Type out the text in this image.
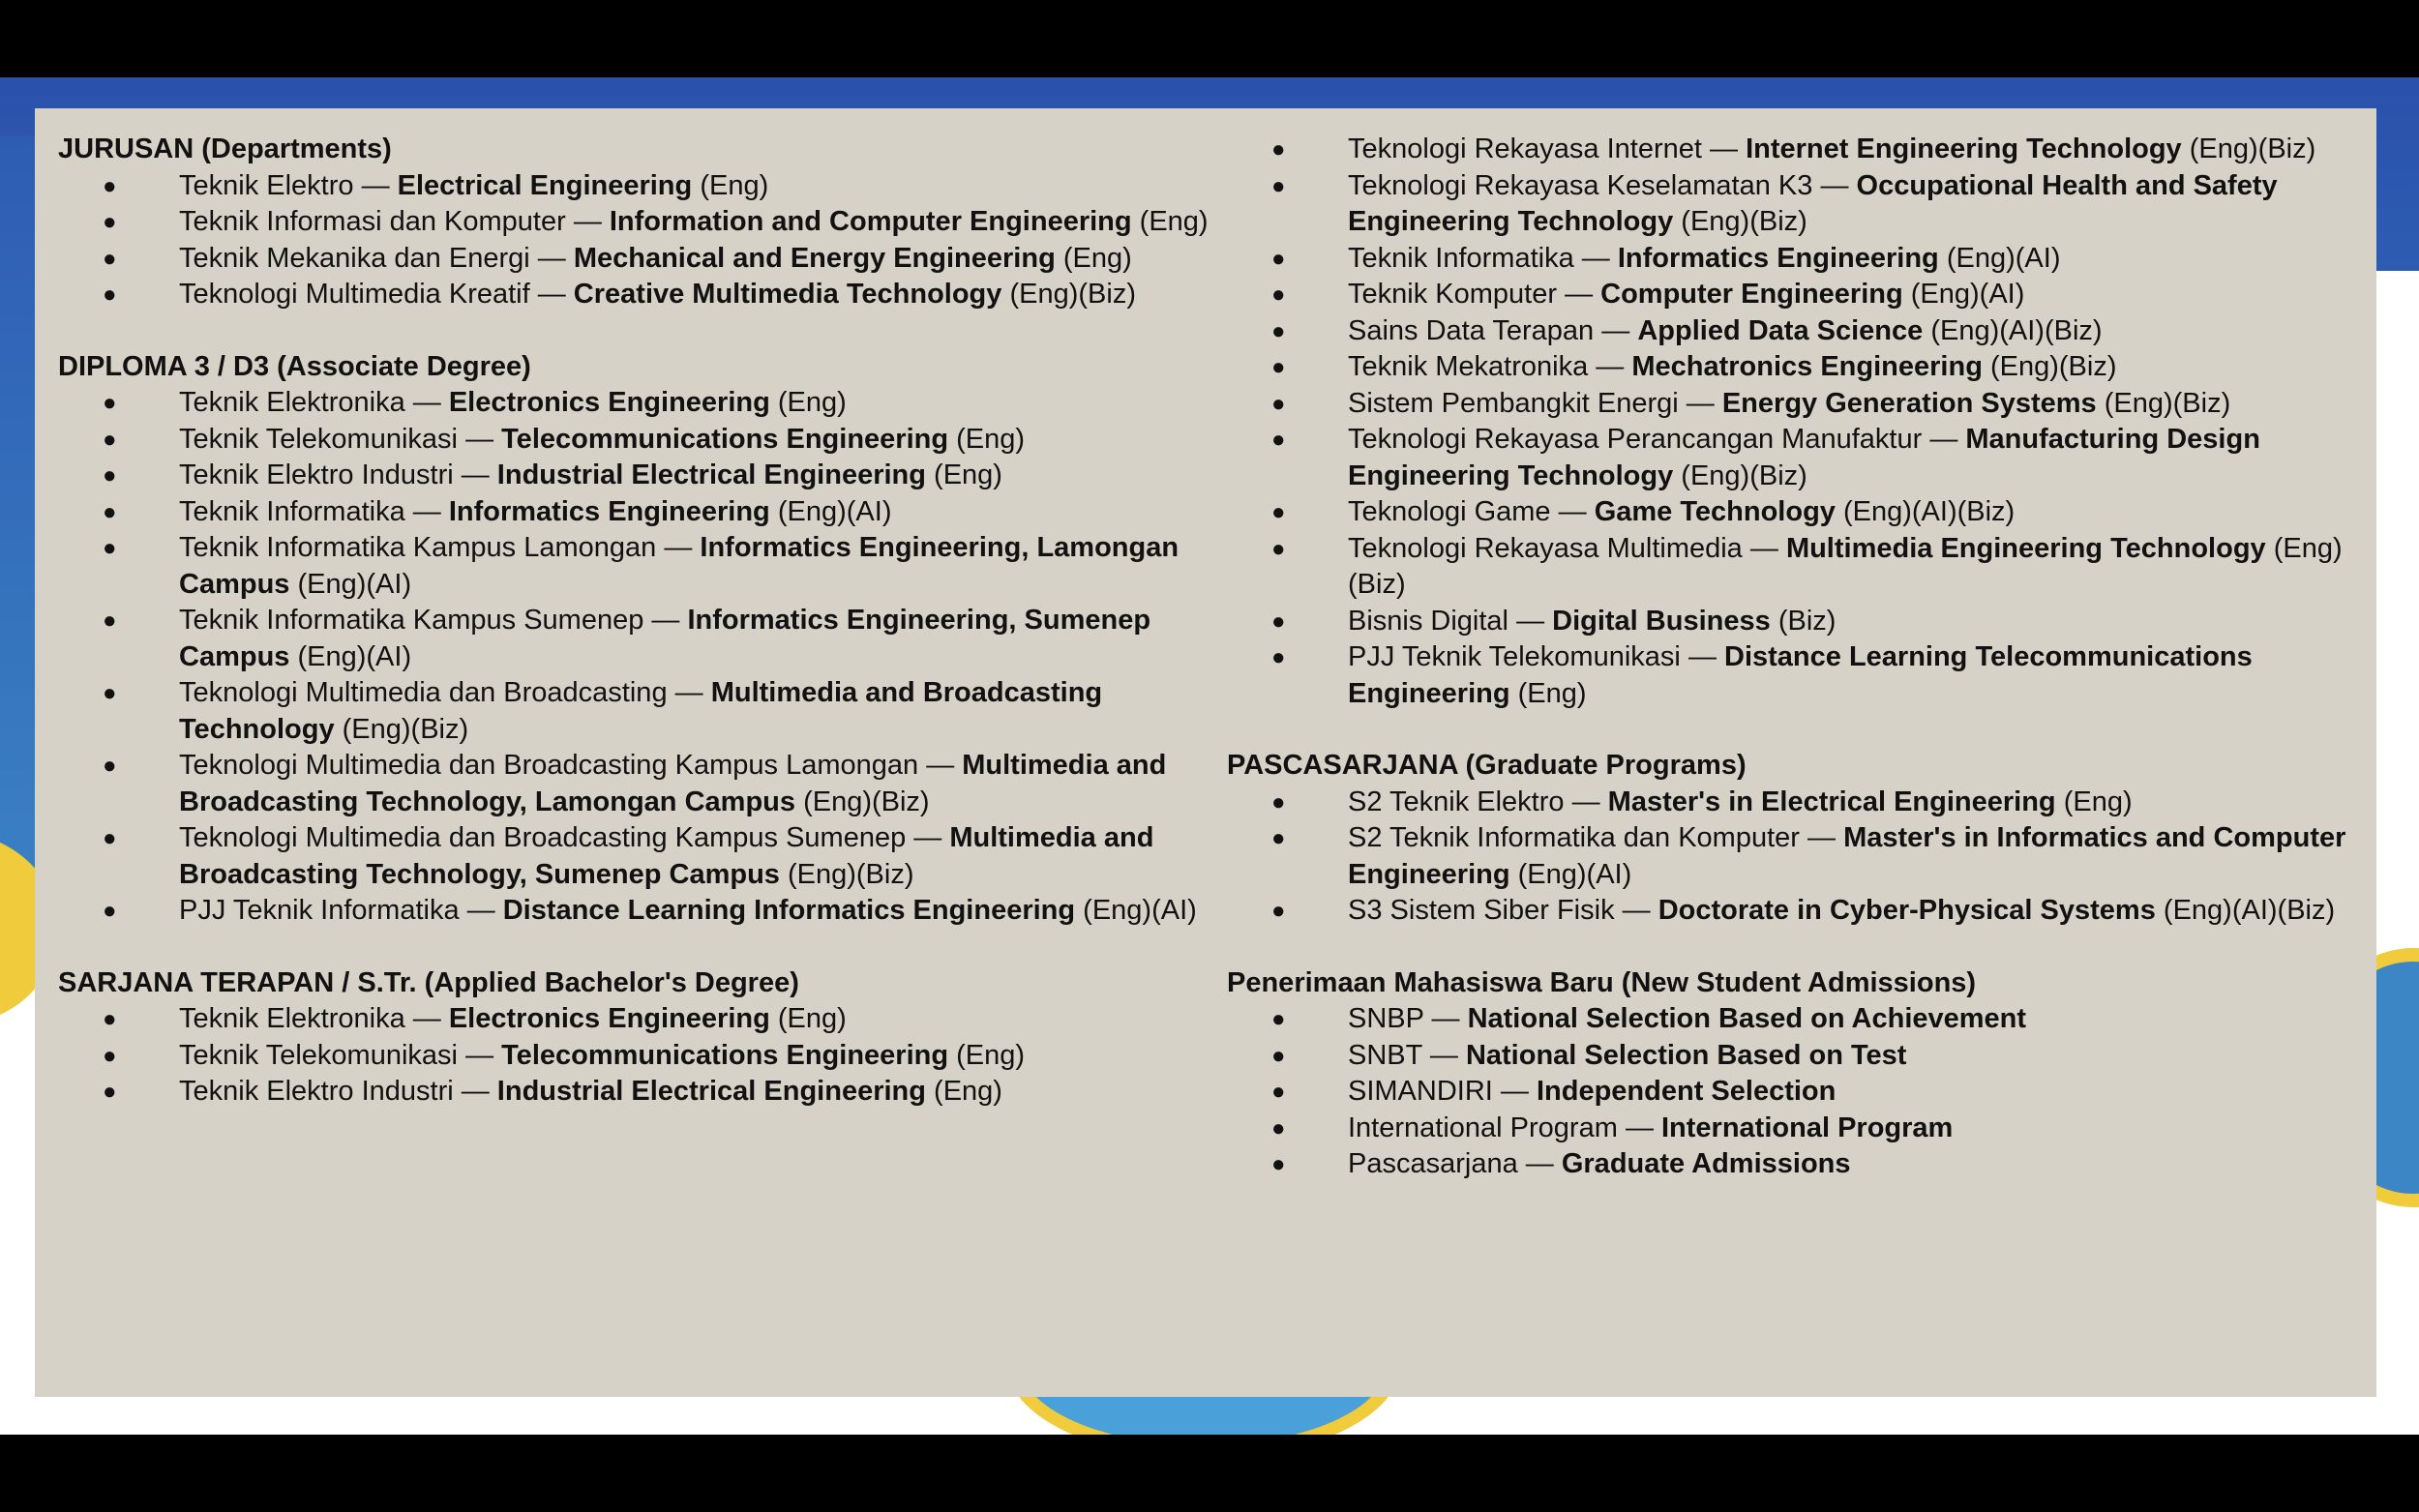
JURUSAN (Departments)
● Teknik Elektro — Electrical Engineering (Eng)
● Teknik Informasi dan Komputer — Information and Computer Engineering (Eng)
● Teknik Mekanika dan Energi — Mechanical and Energy Engineering (Eng)
● Teknologi Multimedia Kreatif — Creative Multimedia Technology (Eng)(Biz)
DIPLOMA 3 / D3 (Associate Degree)
● Teknik Elektronika — Electronics Engineering (Eng)
● Teknik Telekomunikasi — Telecommunications Engineering (Eng)
● Teknik Elektro Industri — Industrial Electrical Engineering (Eng)
● Teknik Informatika — Informatics Engineering (Eng)(AI)
● Teknik Informatika Kampus Lamongan — Informatics Engineering, Lamongan Campus (Eng)(AI)
● Teknik Informatika Kampus Sumenep — Informatics Engineering, Sumenep Campus (Eng)(AI)
● Teknologi Multimedia dan Broadcasting — Multimedia and Broadcasting Technology (Eng)(Biz)
● Teknologi Multimedia dan Broadcasting Kampus Lamongan — Multimedia and Broadcasting Technology, Lamongan Campus (Eng)(Biz)
● Teknologi Multimedia dan Broadcasting Kampus Sumenep — Multimedia and Broadcasting Technology, Sumenep Campus (Eng)(Biz)
● PJJ Teknik Informatika — Distance Learning Informatics Engineering (Eng)(AI)
SARJANA TERAPAN / S.Tr. (Applied Bachelor's Degree)
● Teknik Elektronika — Electronics Engineering (Eng)
● Teknik Telekomunikasi — Telecommunications Engineering (Eng)
● Teknik Elektro Industri — Industrial Electrical Engineering (Eng)
● Teknologi Rekayasa Internet — Internet Engineering Technology (Eng)(Biz)
● Teknologi Rekayasa Keselamatan K3 — Occupational Health and Safety Engineering Technology (Eng)(Biz)
● Teknik Informatika — Informatics Engineering (Eng)(AI)
● Teknik Komputer — Computer Engineering (Eng)(AI)
● Sains Data Terapan — Applied Data Science (Eng)(AI)(Biz)
● Teknik Mekatronika — Mechatronics Engineering (Eng)(Biz)
● Sistem Pembangkit Energi — Energy Generation Systems (Eng)(Biz)
● Teknologi Rekayasa Perancangan Manufaktur — Manufacturing Design Engineering Technology (Eng)(Biz)
● Teknologi Game — Game Technology (Eng)(AI)(Biz)
● Teknologi Rekayasa Multimedia — Multimedia Engineering Technology (Eng)(Biz)
● Bisnis Digital — Digital Business (Biz)
● PJJ Teknik Telekomunikasi — Distance Learning Telecommunications Engineering (Eng)
PASCASARJANA (Graduate Programs)
● S2 Teknik Elektro — Master's in Electrical Engineering (Eng)
● S2 Teknik Informatika dan Komputer — Master's in Informatics and Computer Engineering (Eng)(AI)
● S3 Sistem Siber Fisik — Doctorate in Cyber-Physical Systems (Eng)(AI)(Biz)
Penerimaan Mahasiswa Baru (New Student Admissions)
● SNBP — National Selection Based on Achievement
● SNBT — National Selection Based on Test
● SIMANDIRI — Independent Selection
● International Program — International Program
● Pascasarjana — Graduate Admissions
